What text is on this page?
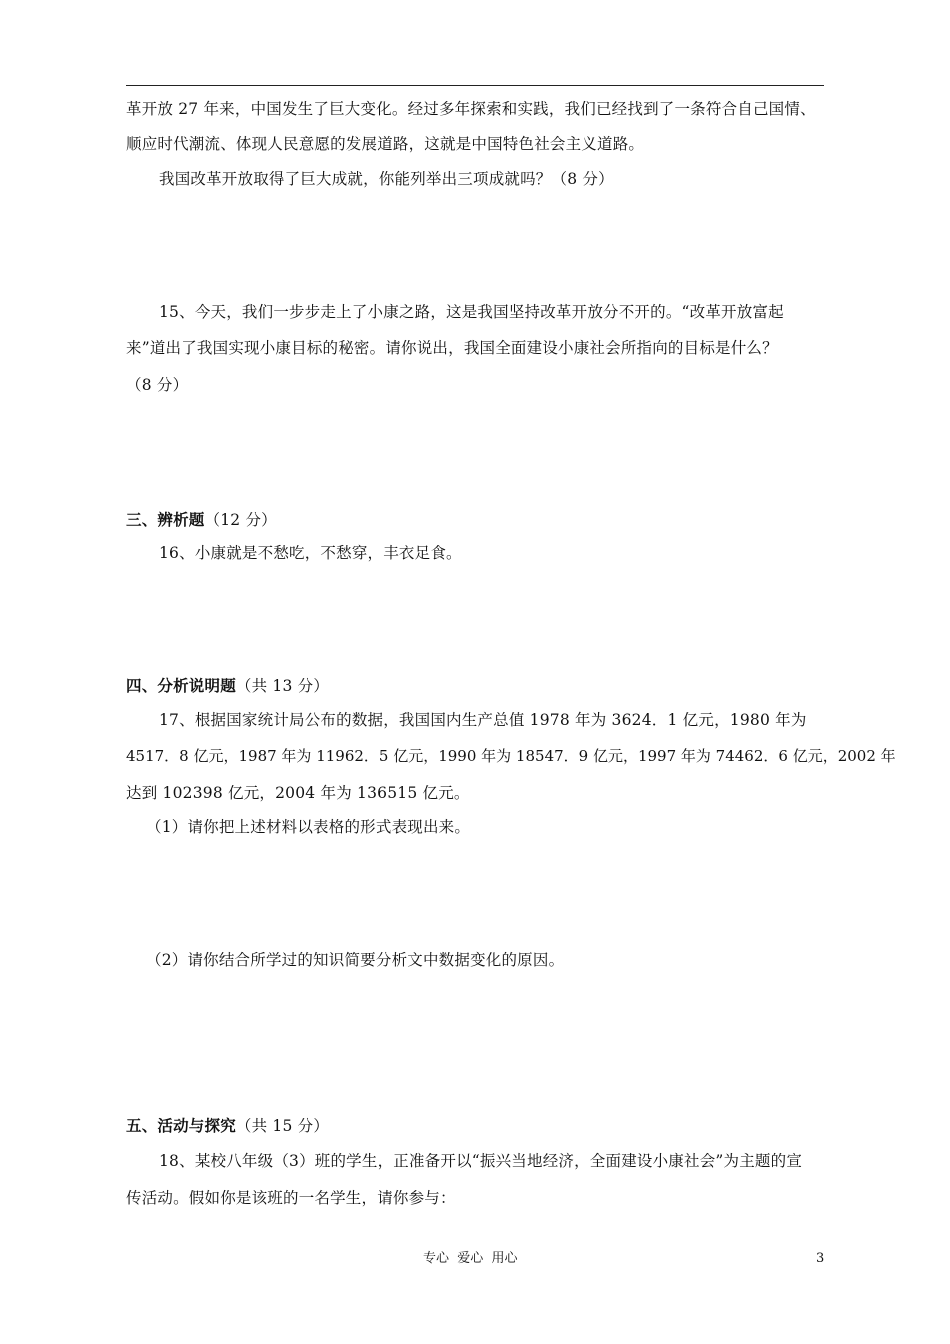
革开放 27 年来，中国发生了巨大变化。经过多年探索和实践，我们已经找到了一条符合自己国情、
顺应时代潮流、体现人民意愿的发展道路，这就是中国特色社会主义道路。
我国改革开放取得了巨大成就，你能列举出三项成就吗？（8 分）
15、今天，我们一步步走上了小康之路，这是我国坚持改革开放分不开的。“改革开放富起
来”道出了我国实现小康目标的秘密。请你说出，我国全面建设小康社会所指向的目标是什么？
（8 分）
三、辨析题（12 分）
16、小康就是不愁吃，不愁穿，丰衣足食。
四、分析说明题（共 13 分）
17、根据国家统计局公布的数据，我国国内生产总值 1978 年为 3624．1 亿元，1980 年为
4517．8 亿元，1987 年为 11962．5 亿元，1990 年为 18547．9 亿元，1997 年为 74462．6 亿元，2002 年
达到 102398 亿元，2004 年为 136515 亿元。
（1）请你把上述材料以表格的形式表现出来。
（2）请你结合所学过的知识简要分析文中数据变化的原因。
五、活动与探究（共 15 分）
18、某校八年级（3）班的学生，正准备开以“振兴当地经济，全面建设小康社会”为主题的宣
传活动。假如你是该班的一名学生，请你参与：
专心  爱心  用心	3
